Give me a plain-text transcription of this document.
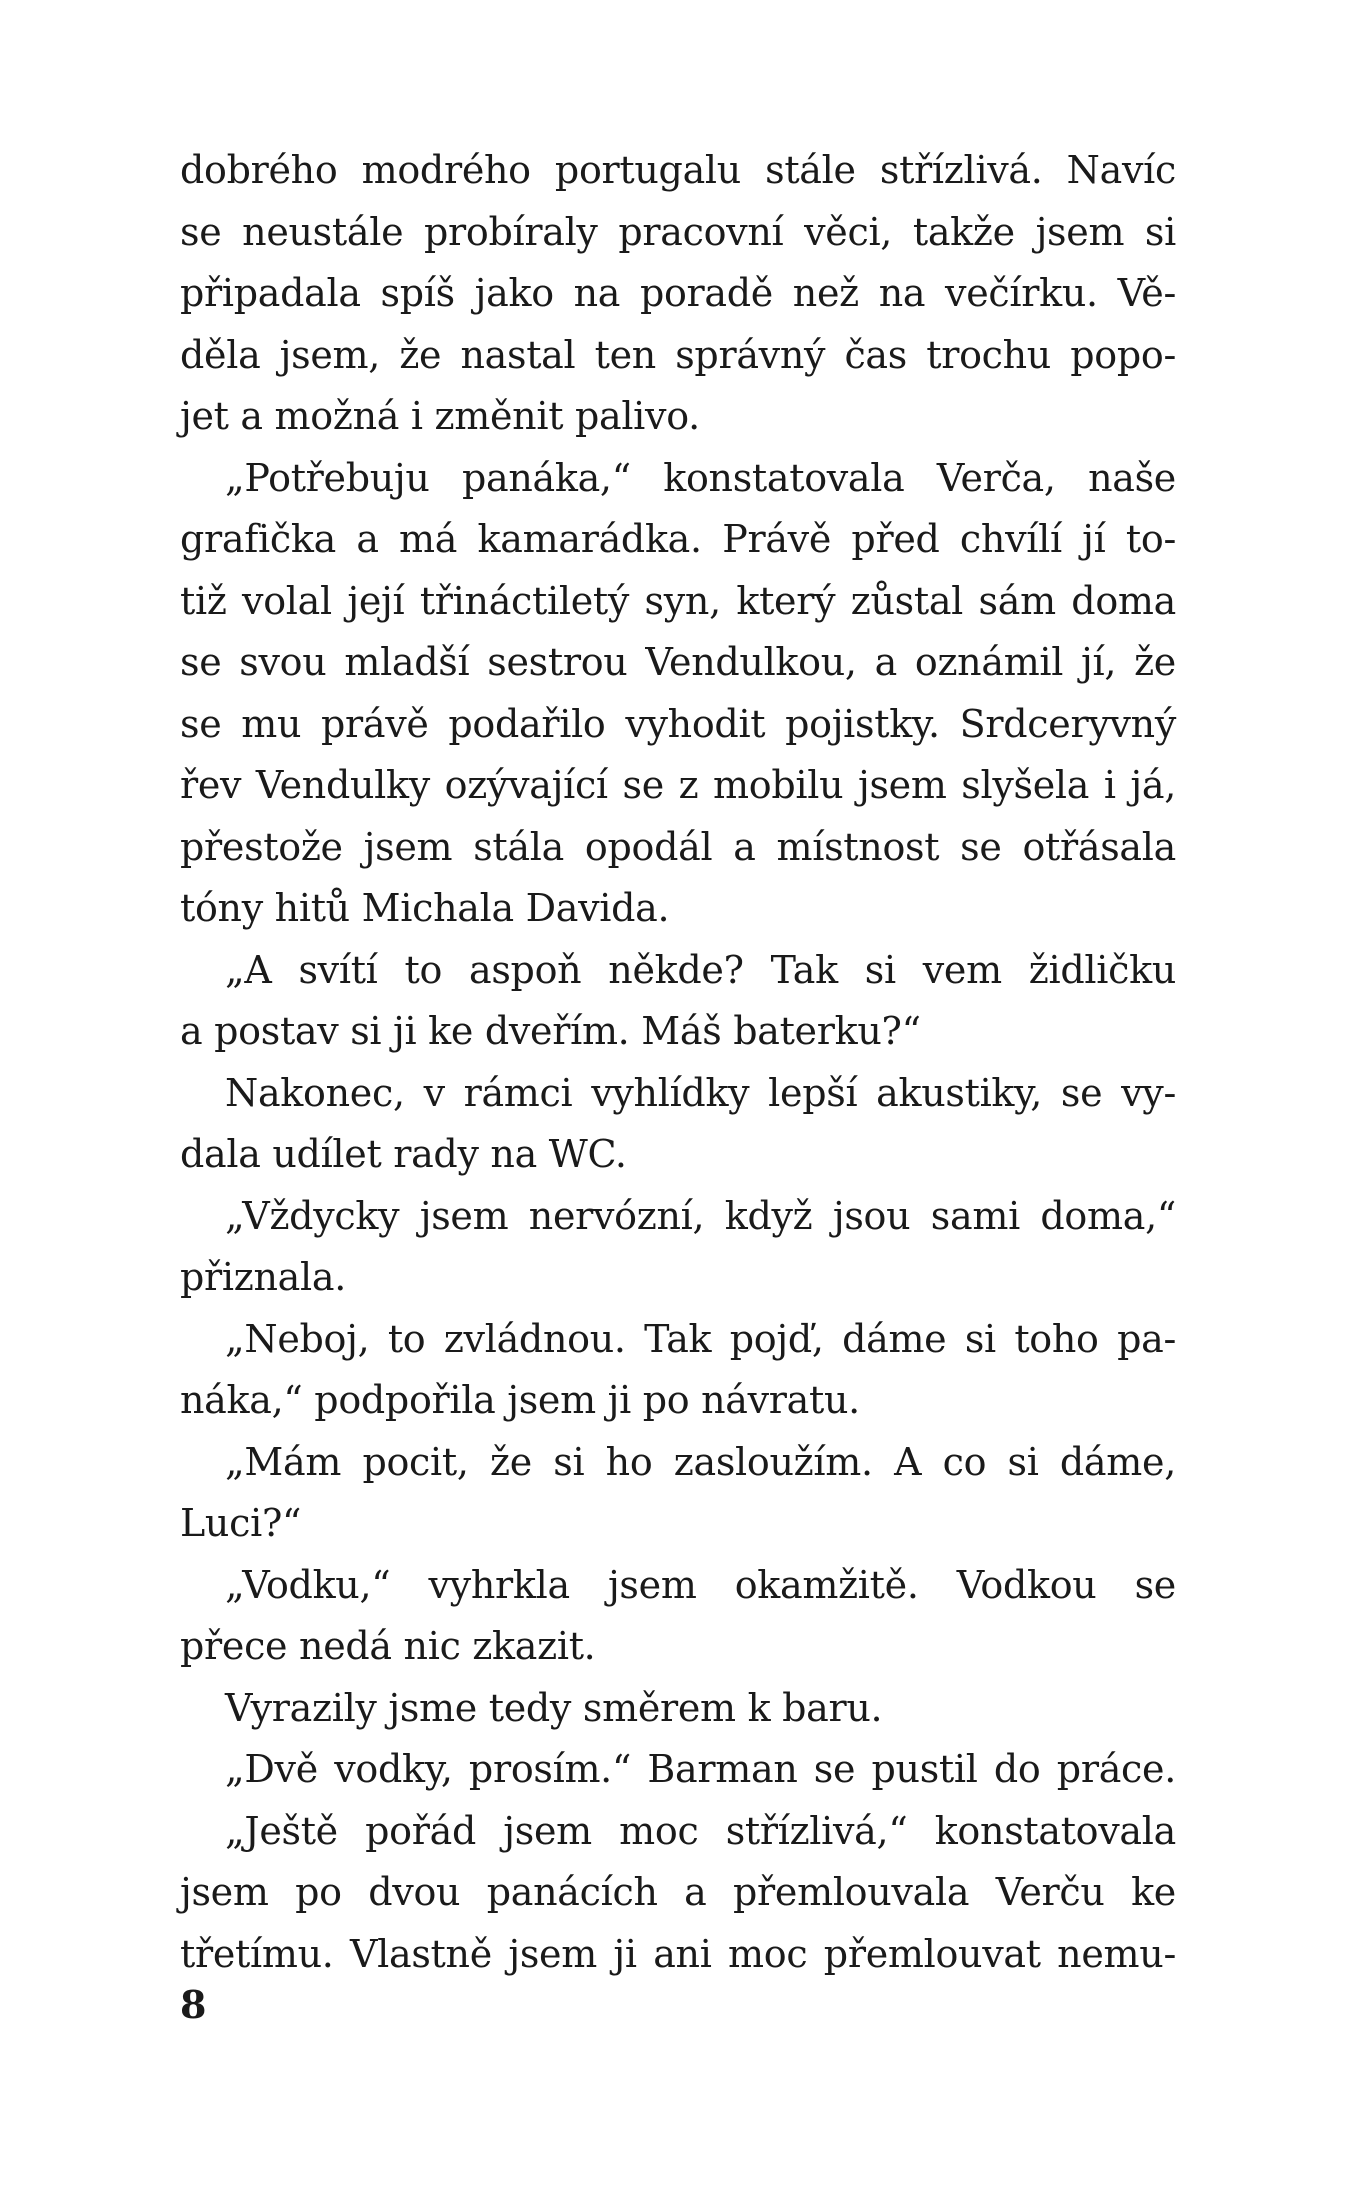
dobrého modrého portugalu stále střízlivá. Navíc
se neustále probíraly pracovní věci, takže jsem si
připadala spíš jako na poradě než na večírku. Vě-
děla jsem, že nastal ten správný čas trochu popo-
jet a možná i změnit palivo.
„Potřebuju panáka,“ konstatovala Verča, naše
grafička a má kamarádka. Právě před chvílí jí to-
tiž volal její třináctiletý syn, který zůstal sám doma
se svou mladší sestrou Vendulkou, a oznámil jí, že
se mu právě podařilo vyhodit pojistky. Srdceryvný
řev Vendulky ozývající se z mobilu jsem slyšela i já,
přestože jsem stála opodál a místnost se otřásala
tóny hitů Michala Davida.
„A svítí to aspoň někde? Tak si vem židličku
a postav si ji ke dveřím. Máš baterku?“
Nakonec, v rámci vyhlídky lepší akustiky, se vy-
dala udílet rady na WC.
„Vždycky jsem nervózní, když jsou sami doma,“
přiznala.
„Neboj, to zvládnou. Tak pojď, dáme si toho pa-
náka,“ podpořila jsem ji po návratu.
„Mám pocit, že si ho zasloužím. A co si dáme,
Luci?“
„Vodku,“ vyhrkla jsem okamžitě. Vodkou se
přece nedá nic zkazit.
Vyrazily jsme tedy směrem k baru.
„Dvě vodky, prosím.“ Barman se pustil do práce.
„Ještě pořád jsem moc střízlivá,“ konstatovala
jsem po dvou panácích a přemlouvala Verču ke
třetímu. Vlastně jsem ji ani moc přemlouvat nemu-
8
